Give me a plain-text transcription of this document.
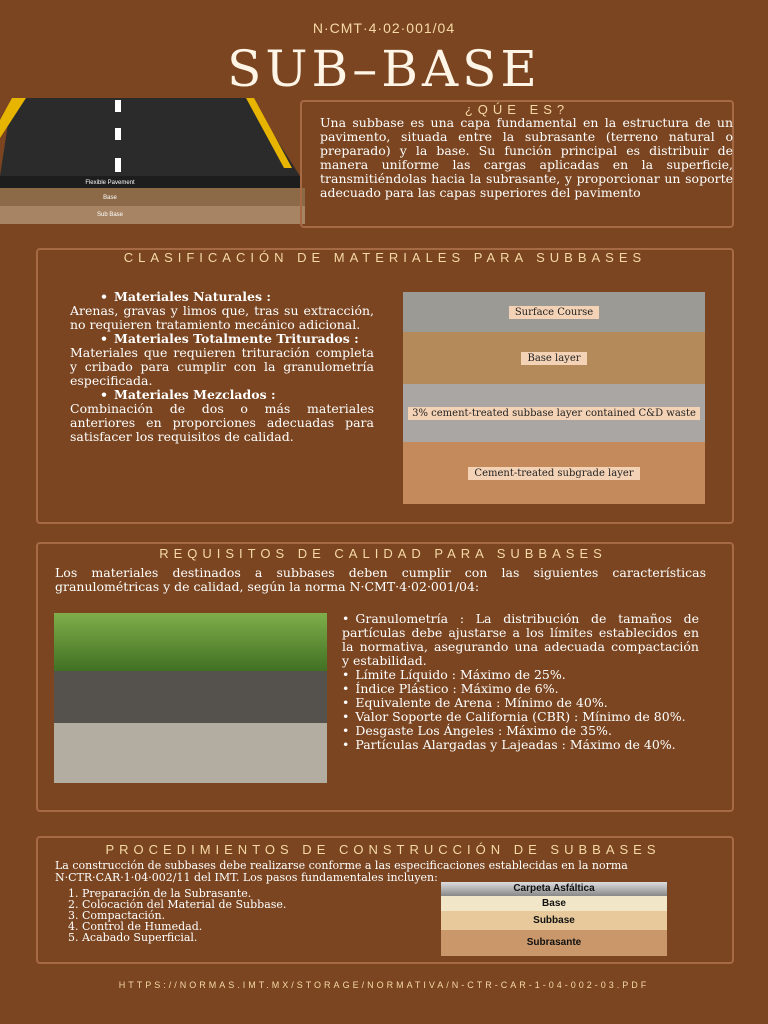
N·CMT·4·02·001/04
SUB–BASE
Flexible Pavement
Base
Sub Base
¿QÚE ES?
Una subbase es una capa fundamental en la estructura de un pavimento, situada entre la subrasante (terreno natural o preparado) y la base. Su función principal es distribuir de manera uniforme las cargas aplicadas en la superficie, transmitiéndolas hacia la subrasante, y proporcionar un soporte adecuado para las capas superiores del pavimento
CLASIFICACIÓN DE MATERIALES PARA SUBBASES
• Materiales Naturales :
Arenas, gravas y limos que, tras su extracción, no requieren tratamiento mecánico adicional.
• Materiales Totalmente Triturados :
Materiales que requieren trituración completa y cribado para cumplir con la granulometría especificada.
• Materiales Mezclados :
Combinación de dos o más materiales anteriores en proporciones adecuadas para satisfacer los requisitos de calidad.
Surface Course
Base layer
3% cement-treated subbase layer contained C&D waste
Cement-treated subgrade layer
REQUISITOS DE CALIDAD PARA SUBBASES
Los materiales destinados a subbases deben cumplir con las siguientes características granulométricas y de calidad, según la norma N·CMT·4·02·001/04:
• Granulometría : La distribución de tamaños de partículas debe ajustarse a los límites establecidos en la normativa, asegurando una adecuada compactación y estabilidad.
• Límite Líquido : Máximo de 25%.
• Índice Plástico : Máximo de 6%.
• Equivalente de Arena : Mínimo de 40%.
• Valor Soporte de California (CBR) : Mínimo de 80%.
• Desgaste Los Ángeles : Máximo de 35%.
• Partículas Alargadas y Lajeadas : Máximo de 40%.
PROCEDIMIENTOS DE CONSTRUCCIÓN DE SUBBASES
La construcción de subbases debe realizarse conforme a las especificaciones establecidas en la norma N·CTR·CAR·1·04·002/11 del IMT. Los pasos fundamentales incluyen:
1. Preparación de la Subrasante.
2. Colocación del Material de Subbase.
3. Compactación.
4. Control de Humedad.
5. Acabado Superficial.
Carpeta Asfáltica
Base
Subbase
Subrasante
HTTPS://NORMAS.IMT.MX/STORAGE/NORMATIVA/N-CTR-CAR-1-04-002-03.PDF
